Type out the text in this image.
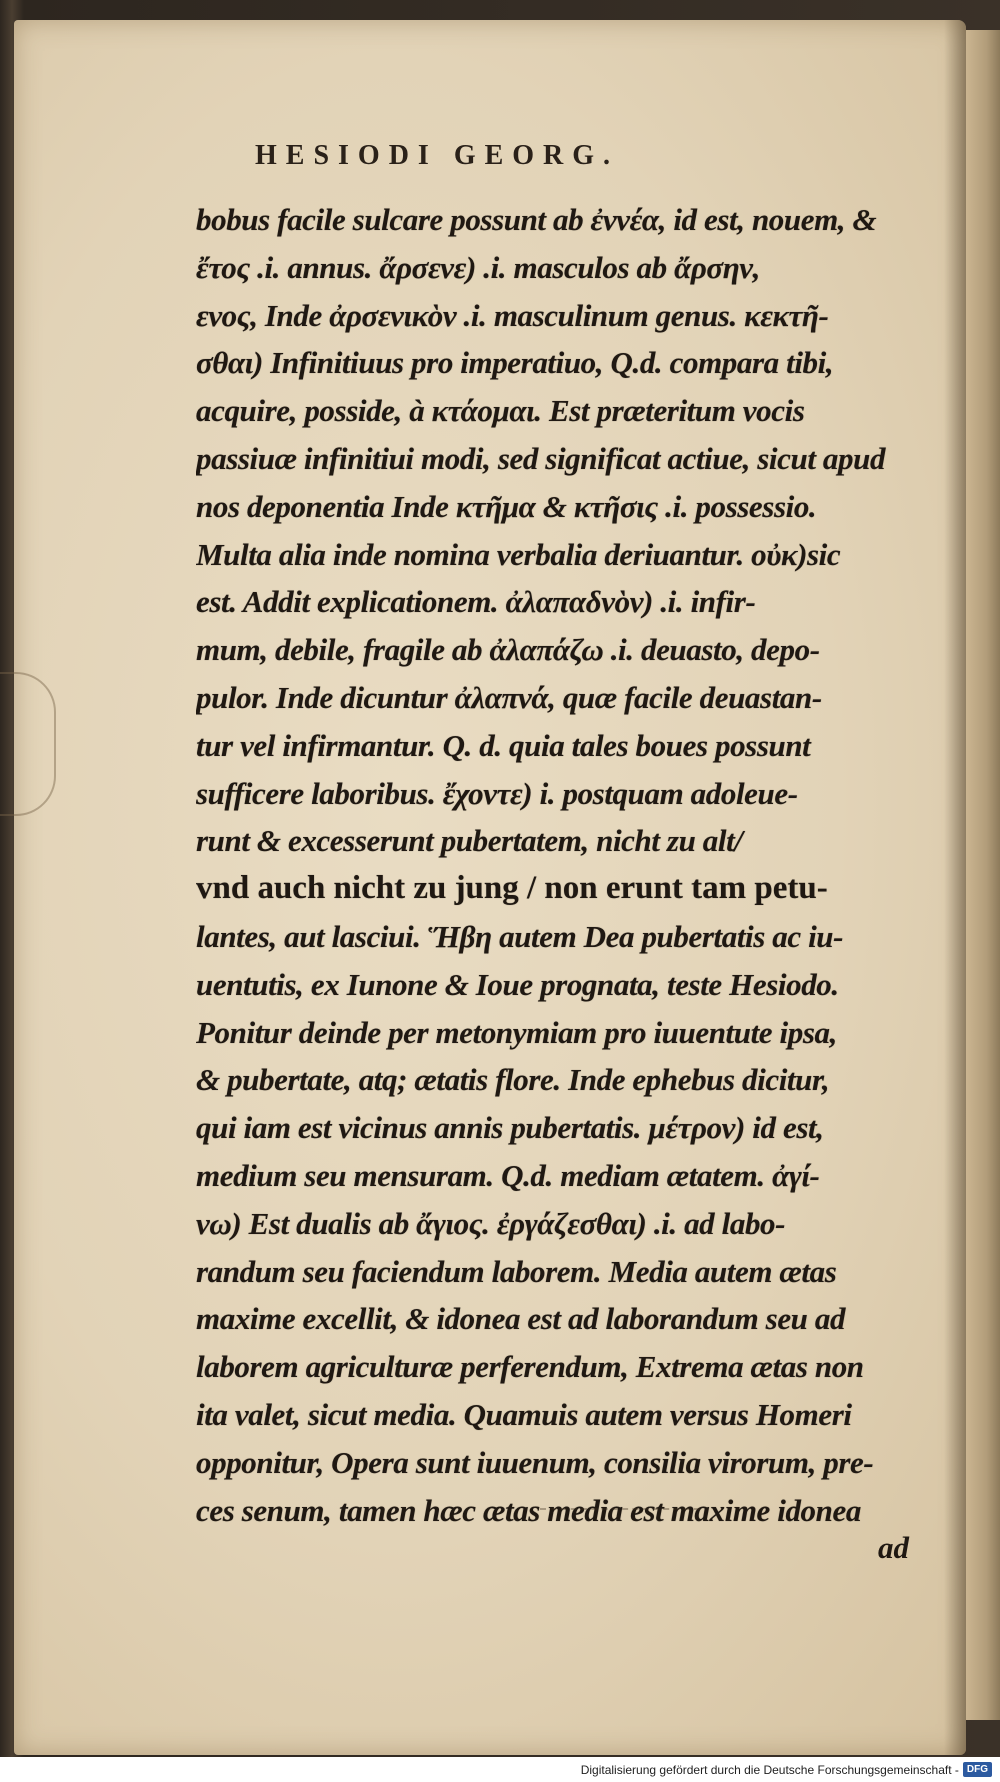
HESIODI GEORG.
bobus facile sulcare possunt ab ἐννέα, id est, nouem, &
ἔτος .i. annus. ἄρσενε) .i. masculos ab ἄρσην,
ενος, Inde ἀρσενικὸν .i. masculinum genus. κεκτῆ-
σθαι) Infinitiuus pro imperatiuo, Q.d. compara tibi,
acquire, posside, à κτάομαι. Est præteritum vocis
passiuæ infinitiui modi, sed significat actiue, sicut apud
nos deponentia Inde κτῆμα & κτῆσις .i. possessio.
Multa alia inde nomina verbalia deriuantur. οὐκ)sic
est. Addit explicationem. ἀλαπαδνὸν) .i. infir-
mum, debile, fragile ab ἀλαπάζω .i. deuasto, depo-
pulor. Inde dicuntur ἀλαπνά, quæ facile deuastan-
tur vel infirmantur. Q. d. quia tales boues possunt
sufficere laboribus. ἔχοντε) i. postquam adoleue-
runt & excesserunt pubertatem, nicht zu alt/
vnd auch nicht zu jung / non erunt tam petu-
lantes, aut lasciui. Ἥβη autem Dea pubertatis ac iu-
uentutis, ex Iunone & Ioue prognata, teste Hesiodo.
Ponitur deinde per metonymiam pro iuuentute ipsa,
& pubertate, atq; ætatis flore. Inde ephebus dicitur,
qui iam est vicinus annis pubertatis. μέτρον) id est,
medium seu mensuram. Q.d. mediam ætatem. ἀγί-
νω) Est dualis ab ἄγιος. ἐργάζεσθαι) .i. ad labo-
randum seu faciendum laborem. Media autem ætas
maxime excellit, & idonea est ad laborandum seu ad
laborem agriculturæ perferendum, Extrema ætas non
ita valet, sicut media. Quamuis autem versus Homeri
opponitur, Opera sunt iuuenum, consilia virorum, pre-
ces senum, tamen hæc ætas media est maxime idonea
ad
Digitalisierung gefördert durch die Deutsche Forschungsgemeinschaft - DFG
